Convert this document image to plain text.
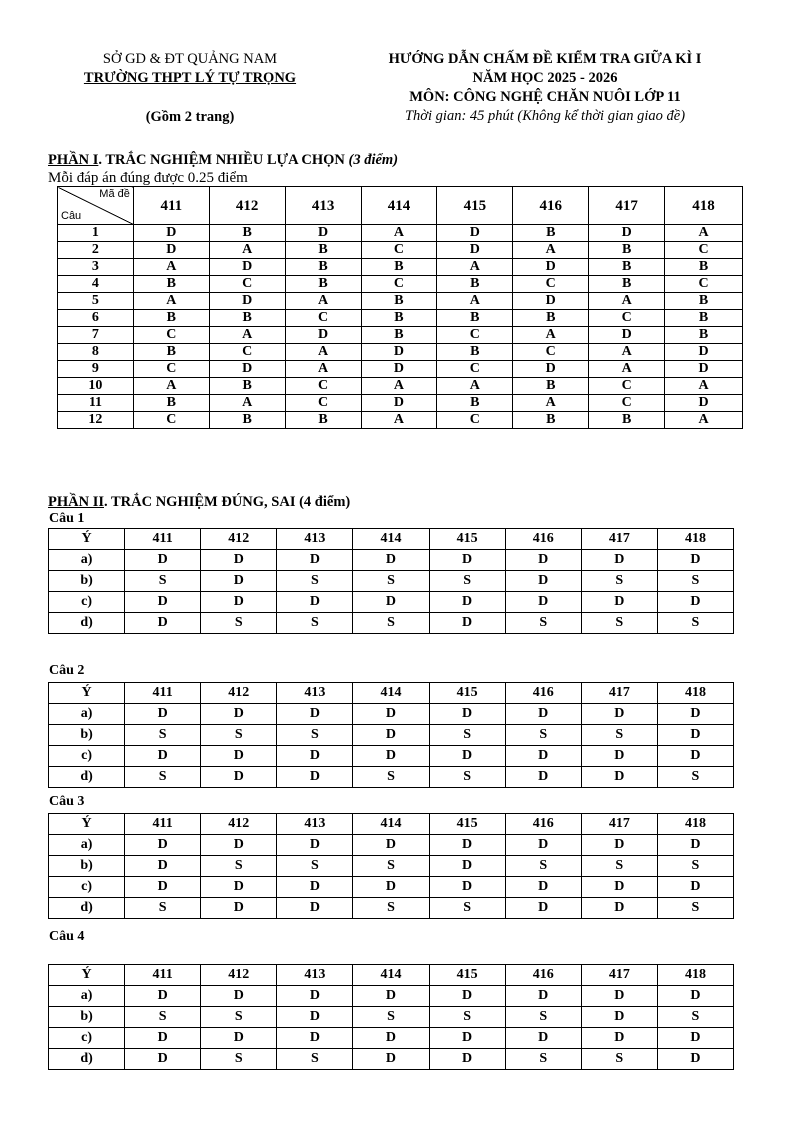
SỞ GD & ĐT QUẢNG NAM
TRƯỜNG THPT LÝ TỰ TRỌNG
(Gồm 2 trang)
HƯỚNG DẪN CHẤM ĐỀ KIỂM TRA GIỮA KÌ I
NĂM HỌC 2025 - 2026
MÔN: CÔNG NGHỆ CHĂN NUÔI LỚP 11
Thời gian: 45 phút (Không kể thời gian giao đề)
PHẦN I. TRẮC NGHIỆM NHIỀU LỰA CHỌN (3 điểm)
Mỗi đáp án đúng được 0.25 điểm
Mã đề
Câu	411	412	413	414	415	416	417	418
1	D	B	D	A	D	B	D	A
2	D	A	B	C	D	A	B	C
3	A	D	B	B	A	D	B	B
4	B	C	B	C	B	C	B	C
5	A	D	A	B	A	D	A	B
6	B	B	C	B	B	B	C	B
7	C	A	D	B	C	A	D	B
8	B	C	A	D	B	C	A	D
9	C	D	A	D	C	D	A	D
10	A	B	C	A	A	B	C	A
11	B	A	C	D	B	A	C	D
12	C	B	B	A	C	B	B	A
PHẦN II. TRẮC NGHIỆM ĐÚNG, SAI (4 điểm)
Câu 1
Ý	411	412	413	414	415	416	417	418
a)	D	D	D	D	D	D	D	D
b)	S	D	S	S	S	D	S	S
c)	D	D	D	D	D	D	D	D
d)	D	S	S	S	D	S	S	S
Câu 2
Ý	411	412	413	414	415	416	417	418
a)	D	D	D	D	D	D	D	D
b)	S	S	S	D	S	S	S	D
c)	D	D	D	D	D	D	D	D
d)	S	D	D	S	S	D	D	S
Câu 3
Ý	411	412	413	414	415	416	417	418
a)	D	D	D	D	D	D	D	D
b)	D	S	S	S	D	S	S	S
c)	D	D	D	D	D	D	D	D
d)	S	D	D	S	S	D	D	S
Câu 4
Ý	411	412	413	414	415	416	417	418
a)	D	D	D	D	D	D	D	D
b)	S	S	D	S	S	S	D	S
c)	D	D	D	D	D	D	D	D
d)	D	S	S	D	D	S	S	D
